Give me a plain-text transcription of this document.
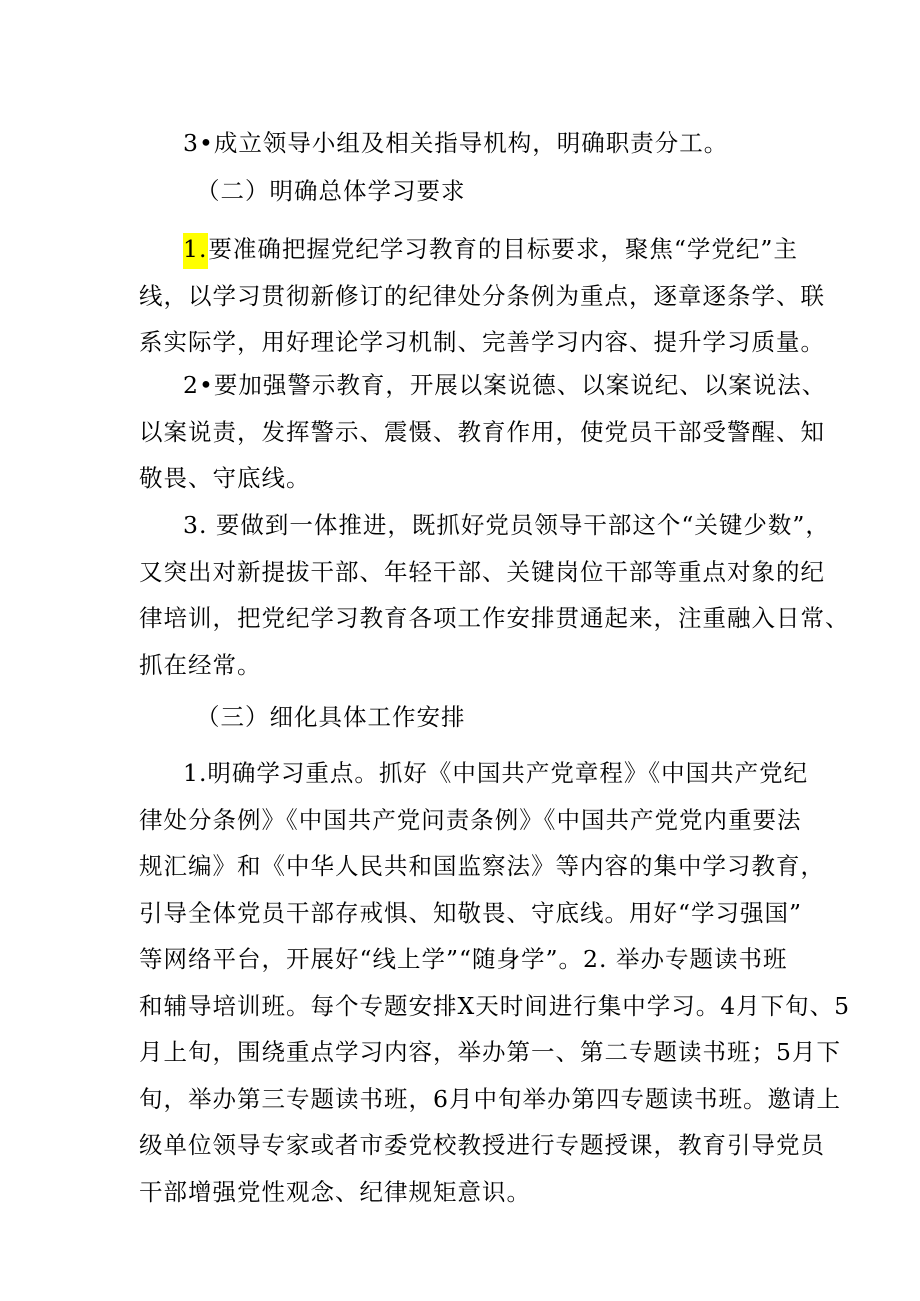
3•成立领导小组及相关指导机构，明确职责分工。

（二）明确总体学习要求

1.要准确把握党纪学习教育的目标要求，聚焦“学党纪”主
线，以学习贯彻新修订的纪律处分条例为重点，逐章逐条学、联
系实际学，用好理论学习机制、完善学习内容、提升学习质量。

2•要加强警示教育，开展以案说德、以案说纪、以案说法、
以案说责，发挥警示、震慑、教育作用，使党员干部受警醒、知
敬畏、守底线。

3. 要做到一体推进，既抓好党员领导干部这个“关键少数”，
又突出对新提拔干部、年轻干部、关键岗位干部等重点对象的纪
律培训，把党纪学习教育各项工作安排贯通起来，注重融入日常、
抓在经常。

（三）细化具体工作安排

1.明确学习重点。抓好《中国共产党章程》《中国共产党纪
律处分条例》《中国共产党问责条例》《中国共产党党内重要法
规汇编》和《中华人民共和国监察法》等内容的集中学习教育，
引导全体党员干部存戒惧、知敬畏、守底线。用好“学习强国”
等网络平台，开展好“线上学”“随身学”。2. 举办专题读书班
和辅导培训班。每个专题安排X天时间进行集中学习。4月下旬、5
月上旬，围绕重点学习内容，举办第一、第二专题读书班；5月下
旬，举办第三专题读书班，6月中旬举办第四专题读书班。邀请上
级单位领导专家或者市委党校教授进行专题授课，教育引导党员
干部增强党性观念、纪律规矩意识。
